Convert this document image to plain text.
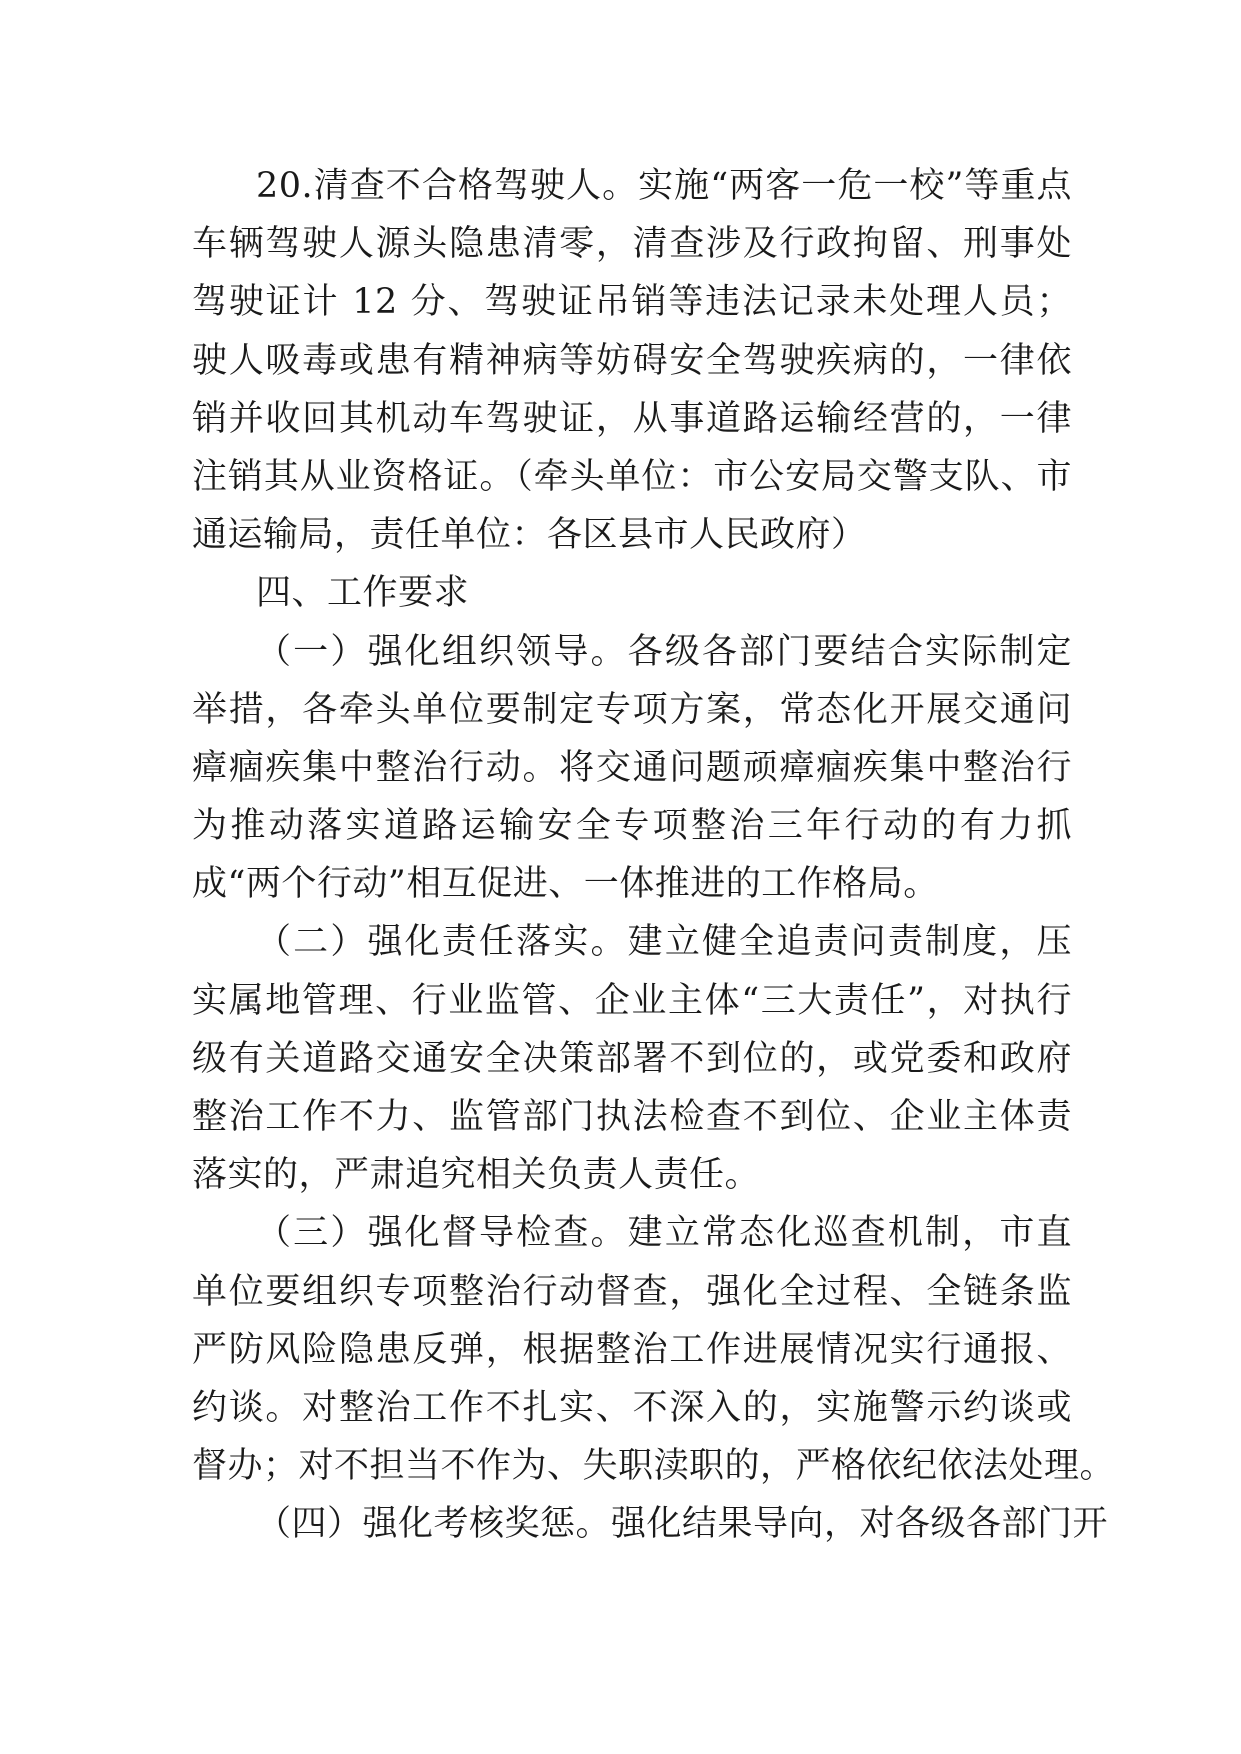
20.清查不合格驾驶人。实施“两客一危一校”等重点
车辆驾驶人源头隐患清零，清查涉及行政拘留、刑事处
驾驶证计 12 分、驾驶证吊销等违法记录未处理人员；
驶人吸毒或患有精神病等妨碍安全驾驶疾病的，一律依
销并收回其机动车驾驶证，从事道路运输经营的，一律
注销其从业资格证。（牵头单位：市公安局交警支队、市
通运输局，责任单位：各区县市人民政府）
四、工作要求
（一）强化组织领导。各级各部门要结合实际制定
举措，各牵头单位要制定专项方案，常态化开展交通问
瘴痼疾集中整治行动。将交通问题顽瘴痼疾集中整治行
为推动落实道路运输安全专项整治三年行动的有力抓
成“两个行动”相互促进、一体推进的工作格局。
（二）强化责任落实。建立健全追责问责制度，压
实属地管理、行业监管、企业主体“三大责任”，对执行
级有关道路交通安全决策部署不到位的，或党委和政府
整治工作不力、监管部门执法检查不到位、企业主体责
落实的，严肃追究相关负责人责任。
（三）强化督导检查。建立常态化巡查机制，市直
单位要组织专项整治行动督查，强化全过程、全链条监
严防风险隐患反弹，根据整治工作进展情况实行通报、
约谈。对整治工作不扎实、不深入的，实施警示约谈或
督办；对不担当不作为、失职渎职的，严格依纪依法处理。
（四）强化考核奖惩。强化结果导向，对各级各部门开
